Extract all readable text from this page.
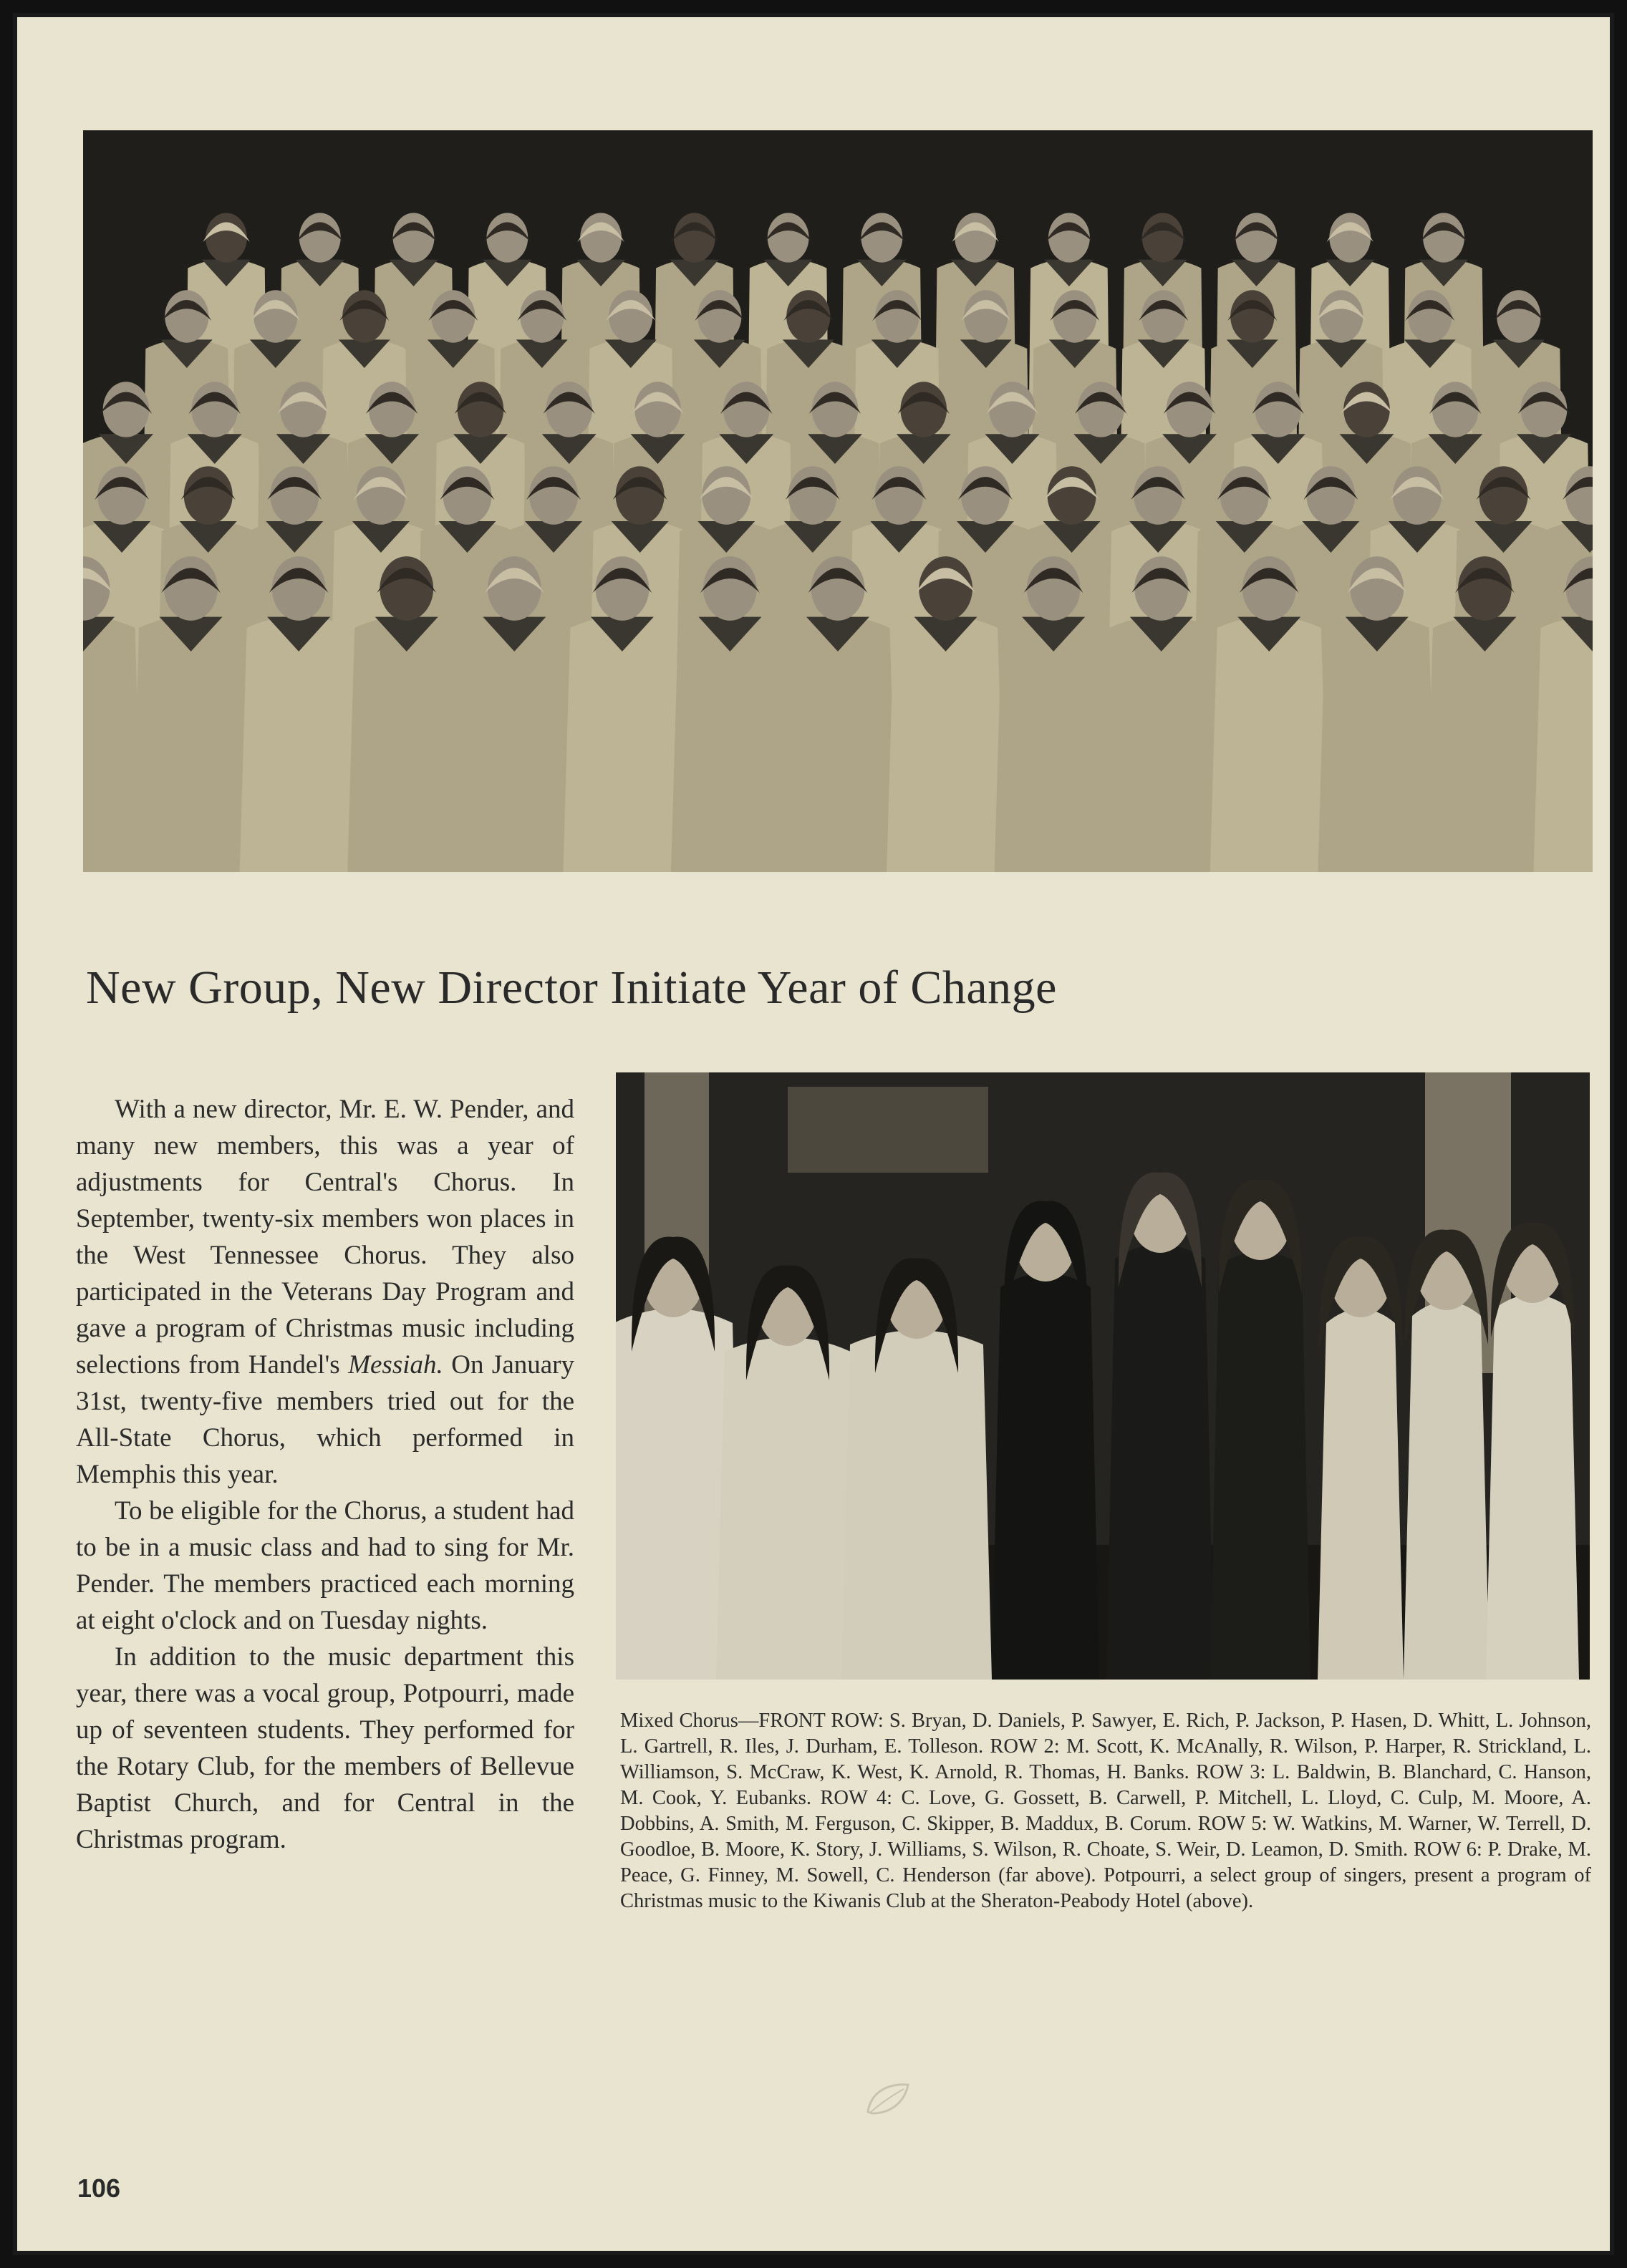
New Group, New Director Initiate Year of Change

With a new director, Mr. E. W. Pender, and many new members, this was a year of adjustments for Central's Chorus. In September, twenty-six members won places in the West Tennessee Chorus. They also participated in the Veterans Day Program and gave a program of Christmas music including selections from Handel's Messiah. On January 31st, twenty-five members tried out for the All-State Chorus, which performed in Memphis this year.

To be eligible for the Chorus, a student had to be in a music class and had to sing for Mr. Pender. The members practiced each morning at eight o'clock and on Tuesday nights.

In addition to the music department this year, there was a vocal group, Potpourri, made up of seventeen students. They performed for the Rotary Club, for the members of Bellevue Baptist Church, and for Central in the Christmas program.

Mixed Chorus—FRONT ROW: S. Bryan, D. Daniels, P. Sawyer, E. Rich, P. Jackson, P. Hasen, D. Whitt, L. Johnson, L. Gartrell, R. Iles, J. Durham, E. Tolleson. ROW 2: M. Scott, K. McAnally, R. Wilson, P. Harper, R. Strickland, L. Williamson, S. McCraw, K. West, K. Arnold, R. Thomas, H. Banks. ROW 3: L. Baldwin, B. Blanchard, C. Hanson, M. Cook, Y. Eubanks. ROW 4: C. Love, G. Gossett, B. Carwell, P. Mitchell, L. Lloyd, C. Culp, M. Moore, A. Dobbins, A. Smith, M. Ferguson, C. Skipper, B. Maddux, B. Corum. ROW 5: W. Watkins, M. Warner, W. Terrell, D. Goodloe, B. Moore, K. Story, J. Williams, S. Wilson, R. Choate, S. Weir, D. Leamon, D. Smith. ROW 6: P. Drake, M. Peace, G. Finney, M. Sowell, C. Henderson (far above). Potpourri, a select group of singers, present a program of Christmas music to the Kiwanis Club at the Sheraton-Peabody Hotel (above).
106
